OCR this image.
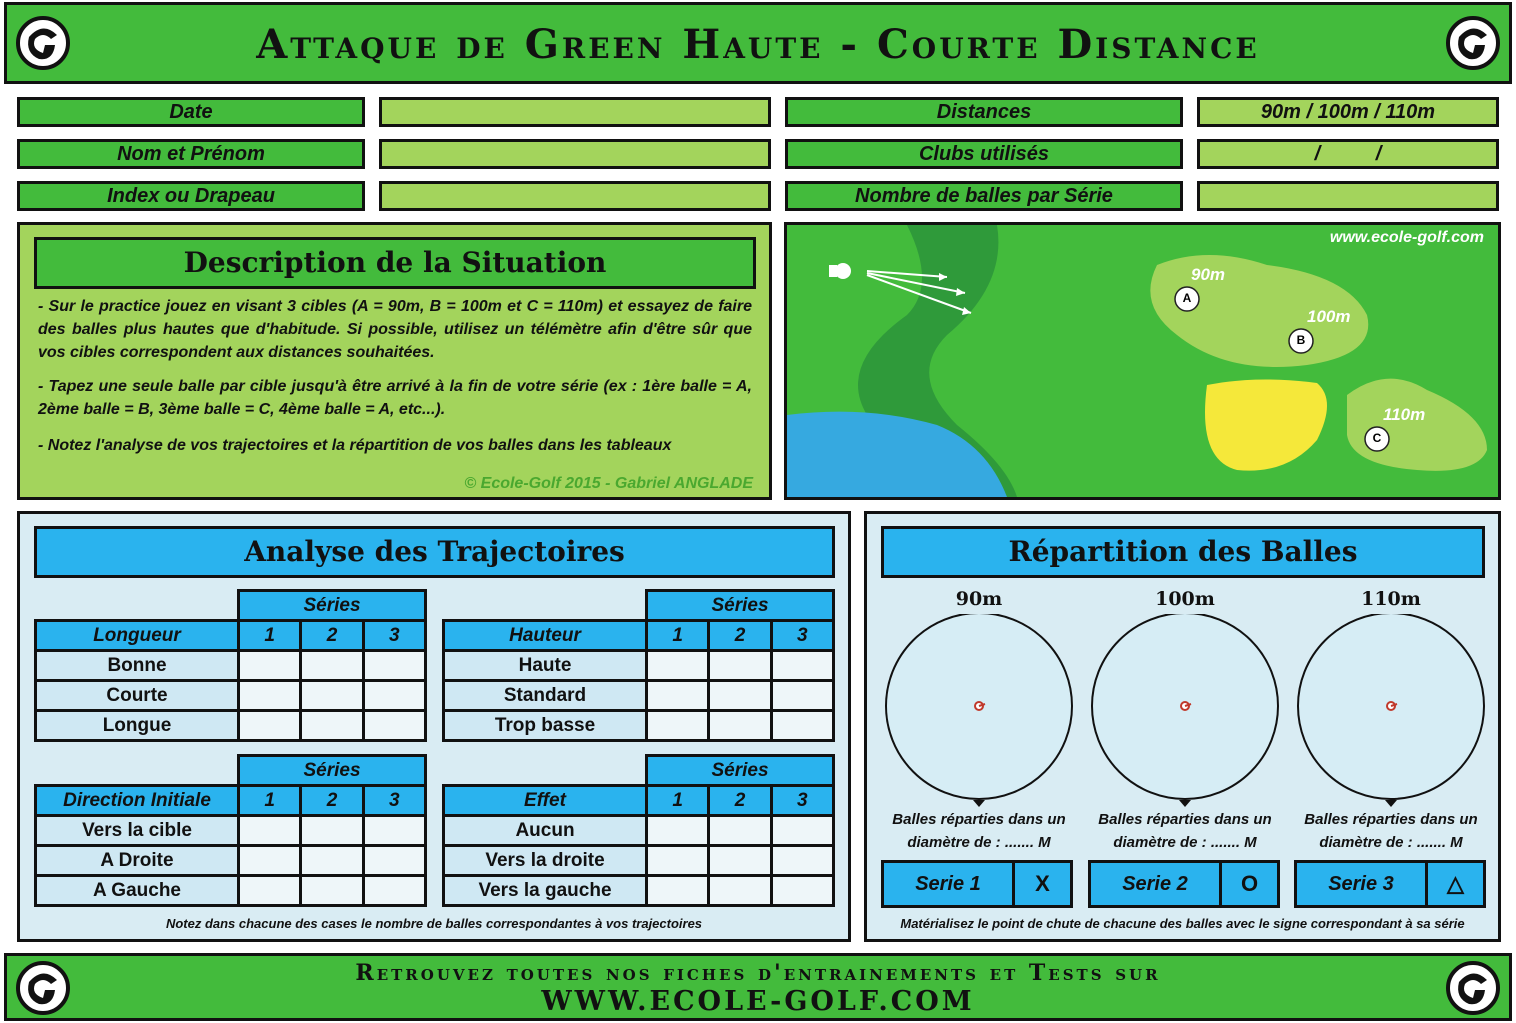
Attaque de Green Haute - Courte Distance
Date
Nom et Prénom
Index ou Drapeau
Distances	90m / 100m / 110m
Clubs utilisés	/          /
Nombre de balles par Série
Description de la Situation
- Sur le practice jouez en visant 3 cibles (A = 90m, B = 100m et C = 110m) et essayez de faire des balles plus hautes que d'habitude. Si possible, utilisez un télémètre afin d'être sûr que vos cibles correspondent aux distances souhaitées.
- Tapez une seule balle par cible jusqu'à être arrivé à la fin de votre série (ex : 1ère balle = A, 2ème balle = B, 3ème balle = C, 4ème balle = A, etc...).
- Notez l'analyse de vos trajectoires et la répartition de vos balles dans les tableaux
© Ecole-Golf 2015 - Gabriel ANGLADE
www.ecole-golf.com
90m
100m
110m
A
B
C
Analyse des Trajectoires
Séries
Longueur	1	2	3
Bonne			
Courte			
Longue			
Séries
Hauteur	1	2	3
Haute			
Standard			
Trop basse			
Séries
Direction Initiale	1	2	3
Vers la cible			
A Droite			
A Gauche			
Séries
Effet	1	2	3
Aucun			
Vers la droite			
Vers la gauche			
Notez dans chacune des cases le nombre de balles correspondantes à vos trajectoires
Répartition des Balles
90m	100m	110m
Balles réparties dans un
diamètre de : ....... M
Balles réparties dans un
diamètre de : ....... M
Balles réparties dans un
diamètre de : ....... M
Serie 1	X	Serie 2	O	Serie 3	△
Matérialisez le point de chute de chacune des balles avec le signe correspondant à sa série
Retrouvez toutes nos fiches d'entrainements et Tests sur
WWW.ECOLE-GOLF.COM
